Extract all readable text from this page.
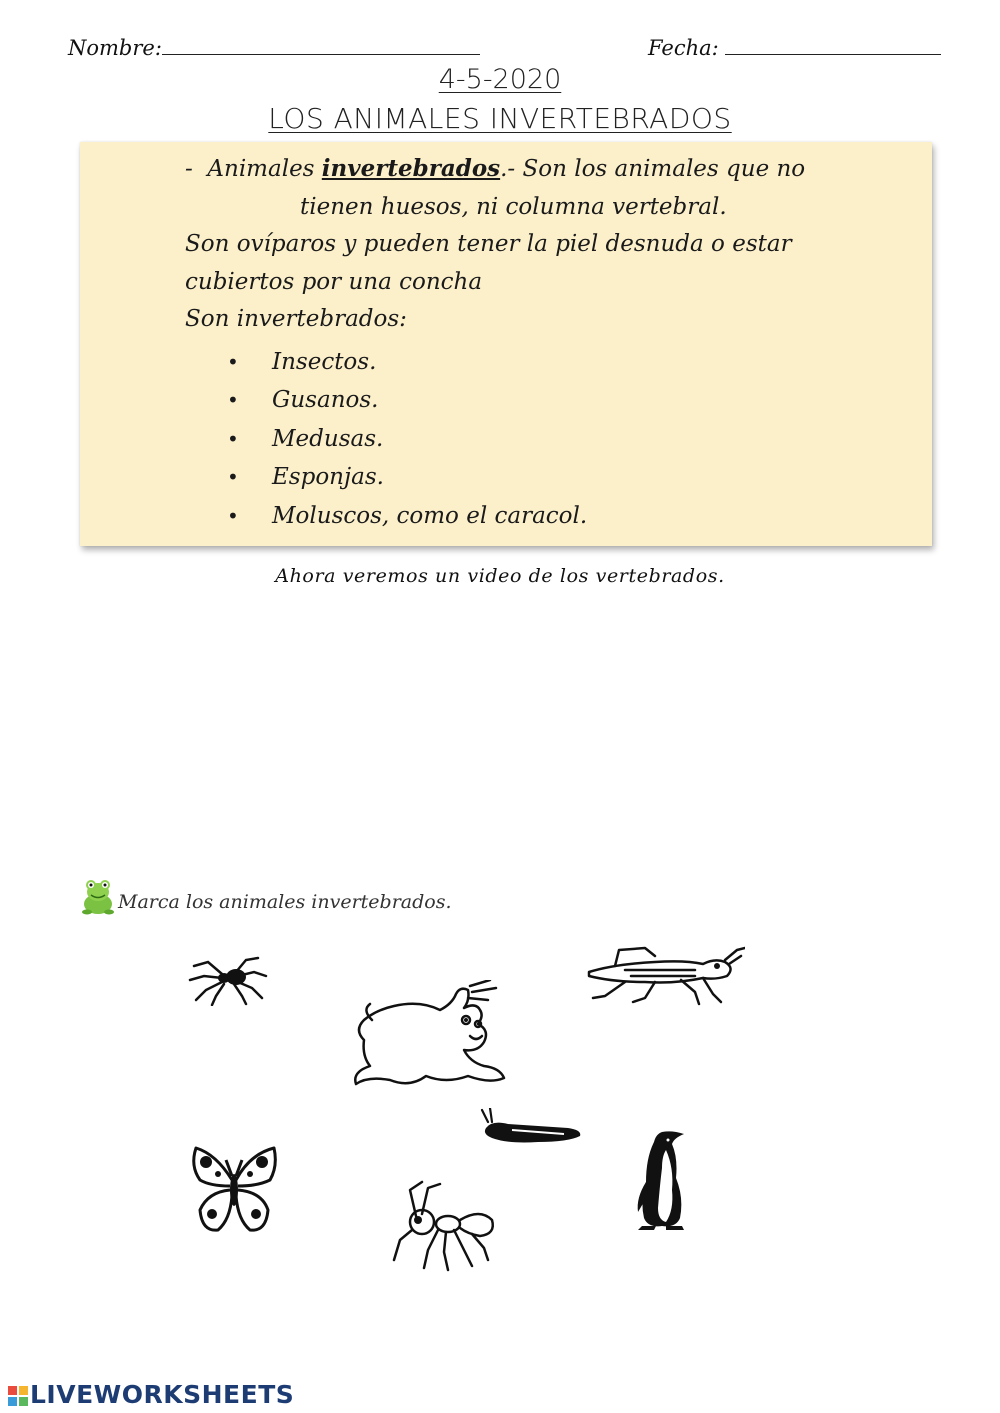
Nombre:	Fecha:
4-5-2020
LOS ANIMALES INVERTEBRADOS
- Animales invertebrados.- Son los animales que no
tienen huesos, ni columna vertebral.
Son ovíparos y pueden tener la piel desnuda o estar
cubiertos por una concha
Son invertebrados:
• Insectos.
• Gusanos.
• Medusas.
• Esponjas.
• Moluscos, como el caracol.
Ahora veremos un video de los vertebrados.
Marca los animales invertebrados.
LIVEWORKSHEETS
